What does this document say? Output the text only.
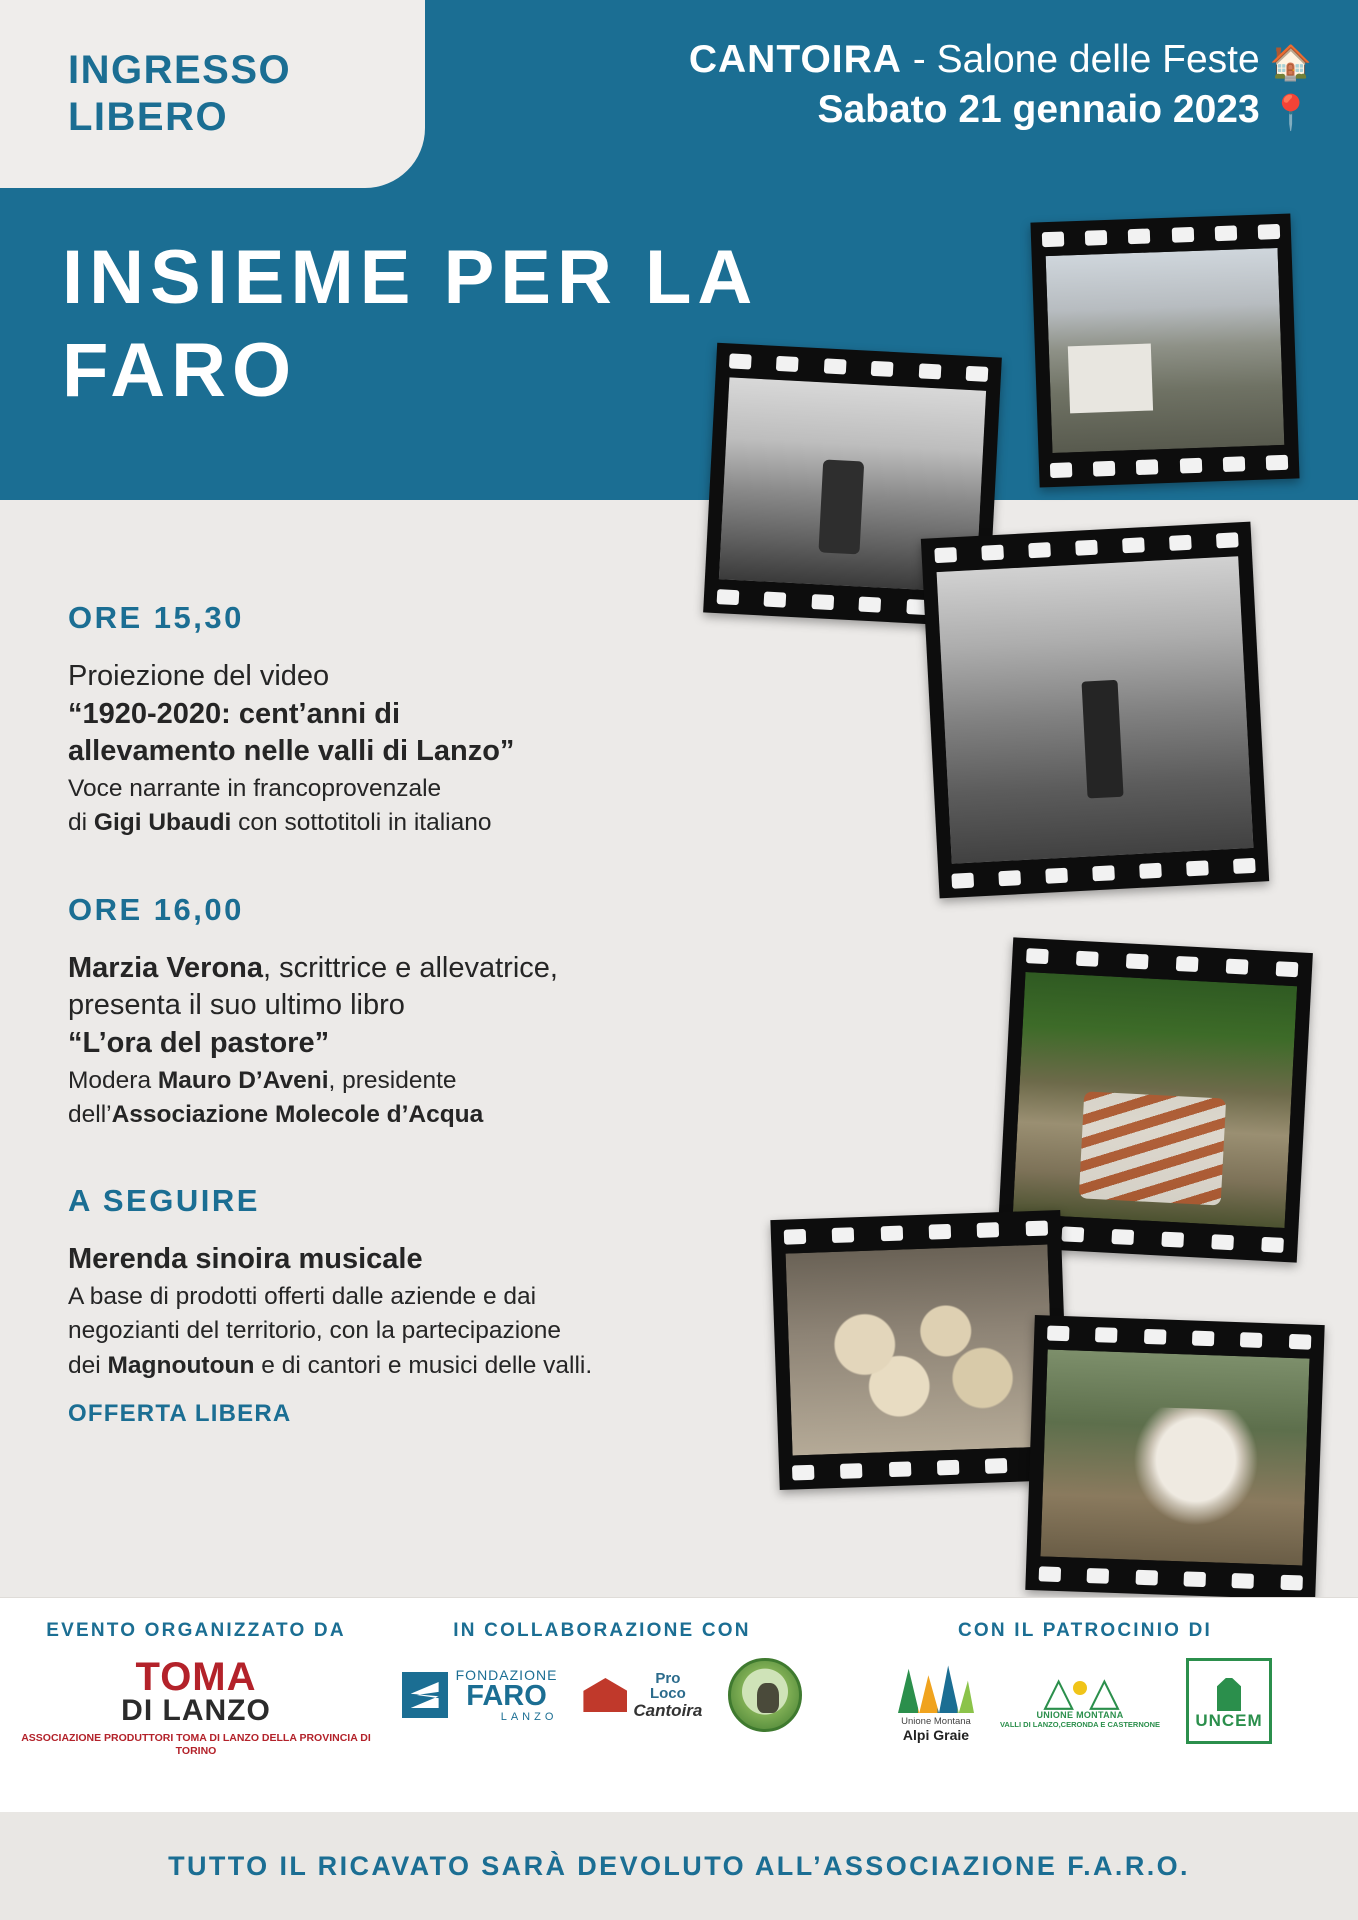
INGRESSO
LIBERO
CANTOIRA - Salone delle Feste 🏠
Sabato 21 gennaio 2023 📍
INSIEME PER LA
FARO
ORE 15,30
Proiezione del video
“1920-2020: cent’anni di
allevamento nelle valli di Lanzo”
Voce narrante in francoprovenzale
di Gigi Ubaudi con sottotitoli in italiano
ORE 16,00
Marzia Verona, scrittrice e allevatrice,
presenta il suo ultimo libro
“L’ora del pastore”
Modera Mauro D’Aveni, presidente
dell’Associazione Molecole d’Acqua
A SEGUIRE
Merenda sinoira musicale
A base di prodotti offerti dalle aziende e dai
negozianti del territorio, con la partecipazione
dei Magnoutoun e di cantori e musici delle valli.
OFFERTA LIBERA
EVENTO ORGANIZZATO DA
TOMA
DI LANZO
ASSOCIAZIONE PRODUTTORI TOMA DI LANZO DELLA PROVINCIA DI TORINO
IN COLLABORAZIONE CON
FONDAZIONE
FARO
LANZO
Pro
Loco
Cantoira
CON IL PATROCINIO DI
Unione Montana
Alpi Graie
△ △
UNIONE MONTANA
VALLI DI LANZO,CERONDA E CASTERNONE UNCEM
TUTTO IL RICAVATO SARÀ DEVOLUTO ALL’ASSOCIAZIONE F.A.R.O.
